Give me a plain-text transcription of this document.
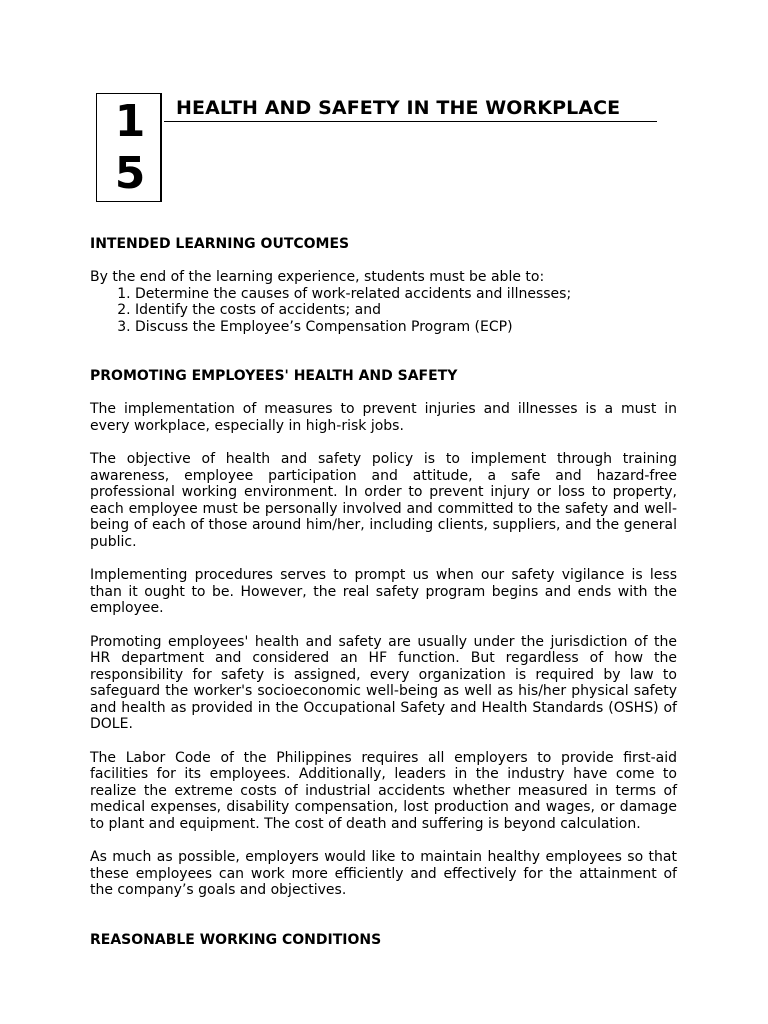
1
5
HEALTH AND SAFETY IN THE WORKPLACE
INTENDED LEARNING OUTCOMES

By the end of the learning experience, students must be able to:

1. Determine the causes of work-related accidents and illnesses;
2. Identify the costs of accidents; and
3. Discuss the Employee’s Compensation Program (ECP)
PROMOTING EMPLOYEES' HEALTH AND SAFETY

The implementation of measures to prevent injuries and illnesses is a must in every workplace, especially in high-risk jobs.

The objective of health and safety policy is to implement through training awareness, employee participation and attitude, a safe and hazard-free professional working environment. In order to prevent injury or loss to property, each employee must be personally involved and committed to the safety and well-being of each of those around him/her, including clients, suppliers, and the general public.

Implementing procedures serves to prompt us when our safety vigilance is less than it ought to be. However, the real safety program begins and ends with the employee.

Promoting employees' health and safety are usually under the jurisdiction of the HR department and considered an HF function. But regardless of how the responsibility for safety is assigned, every organization is required by law to safeguard the worker's socioeconomic well-being as well as his/her physical safety and health as provided in the Occupational Safety and Health Standards (OSHS) of DOLE.

The Labor Code of the Philippines requires all employers to provide first-aid facilities for its employees. Additionally, leaders in the industry have come to realize the extreme costs of industrial accidents whether measured in terms of medical expenses, disability compensation, lost production and wages, or damage to plant and equipment. The cost of death and suffering is beyond calculation.

As much as possible, employers would like to maintain healthy employees so that these employees can work more efficiently and effectively for the attainment of the company’s goals and objectives.

REASONABLE WORKING CONDITIONS
